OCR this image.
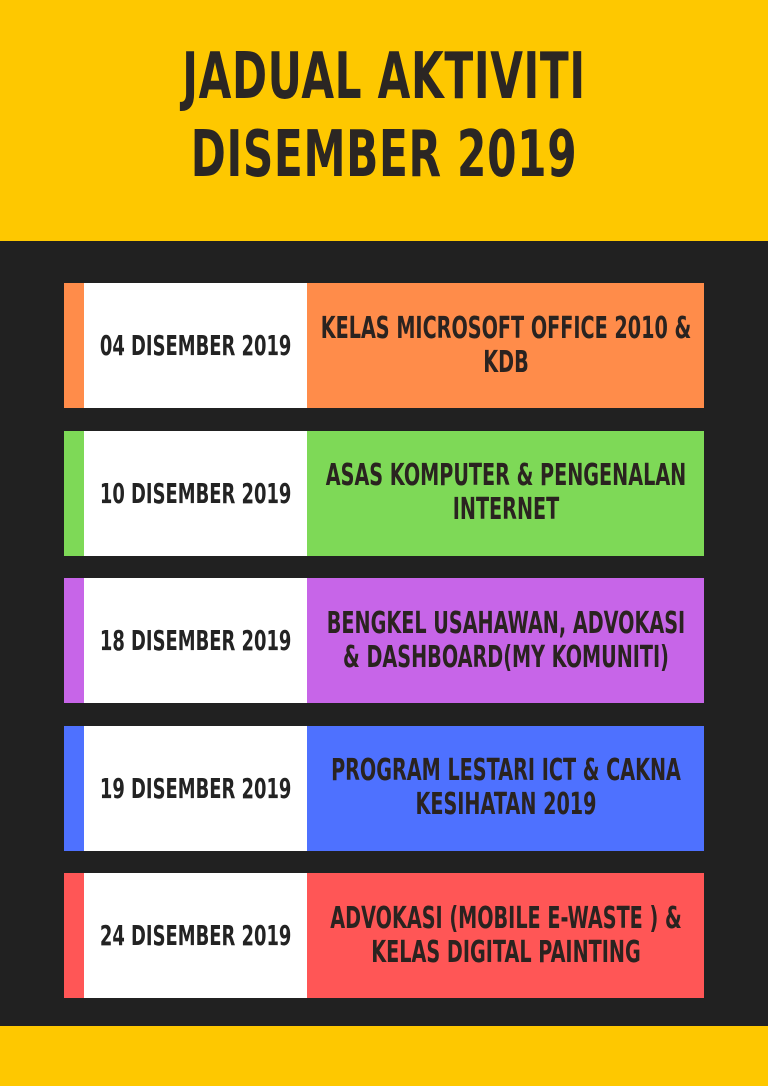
JADUAL AKTIVITI
DISEMBER 2019
04 DISEMBER 2019 KELAS MICROSOFT OFFICE 2010 & KDB
10 DISEMBER 2019 ASAS KOMPUTER & PENGENALAN INTERNET
18 DISEMBER 2019	BENGKEL USAHAWAN, ADVOKASI & DASHBOARD(MY KOMUNITI)
19 DISEMBER 2019	PROGRAM LESTARI ICT & CAKNA KESIHATAN 2019
24 DISEMBER 2019	ADVOKASI (MOBILE E-WASTE ) & KELAS DIGITAL PAINTING
